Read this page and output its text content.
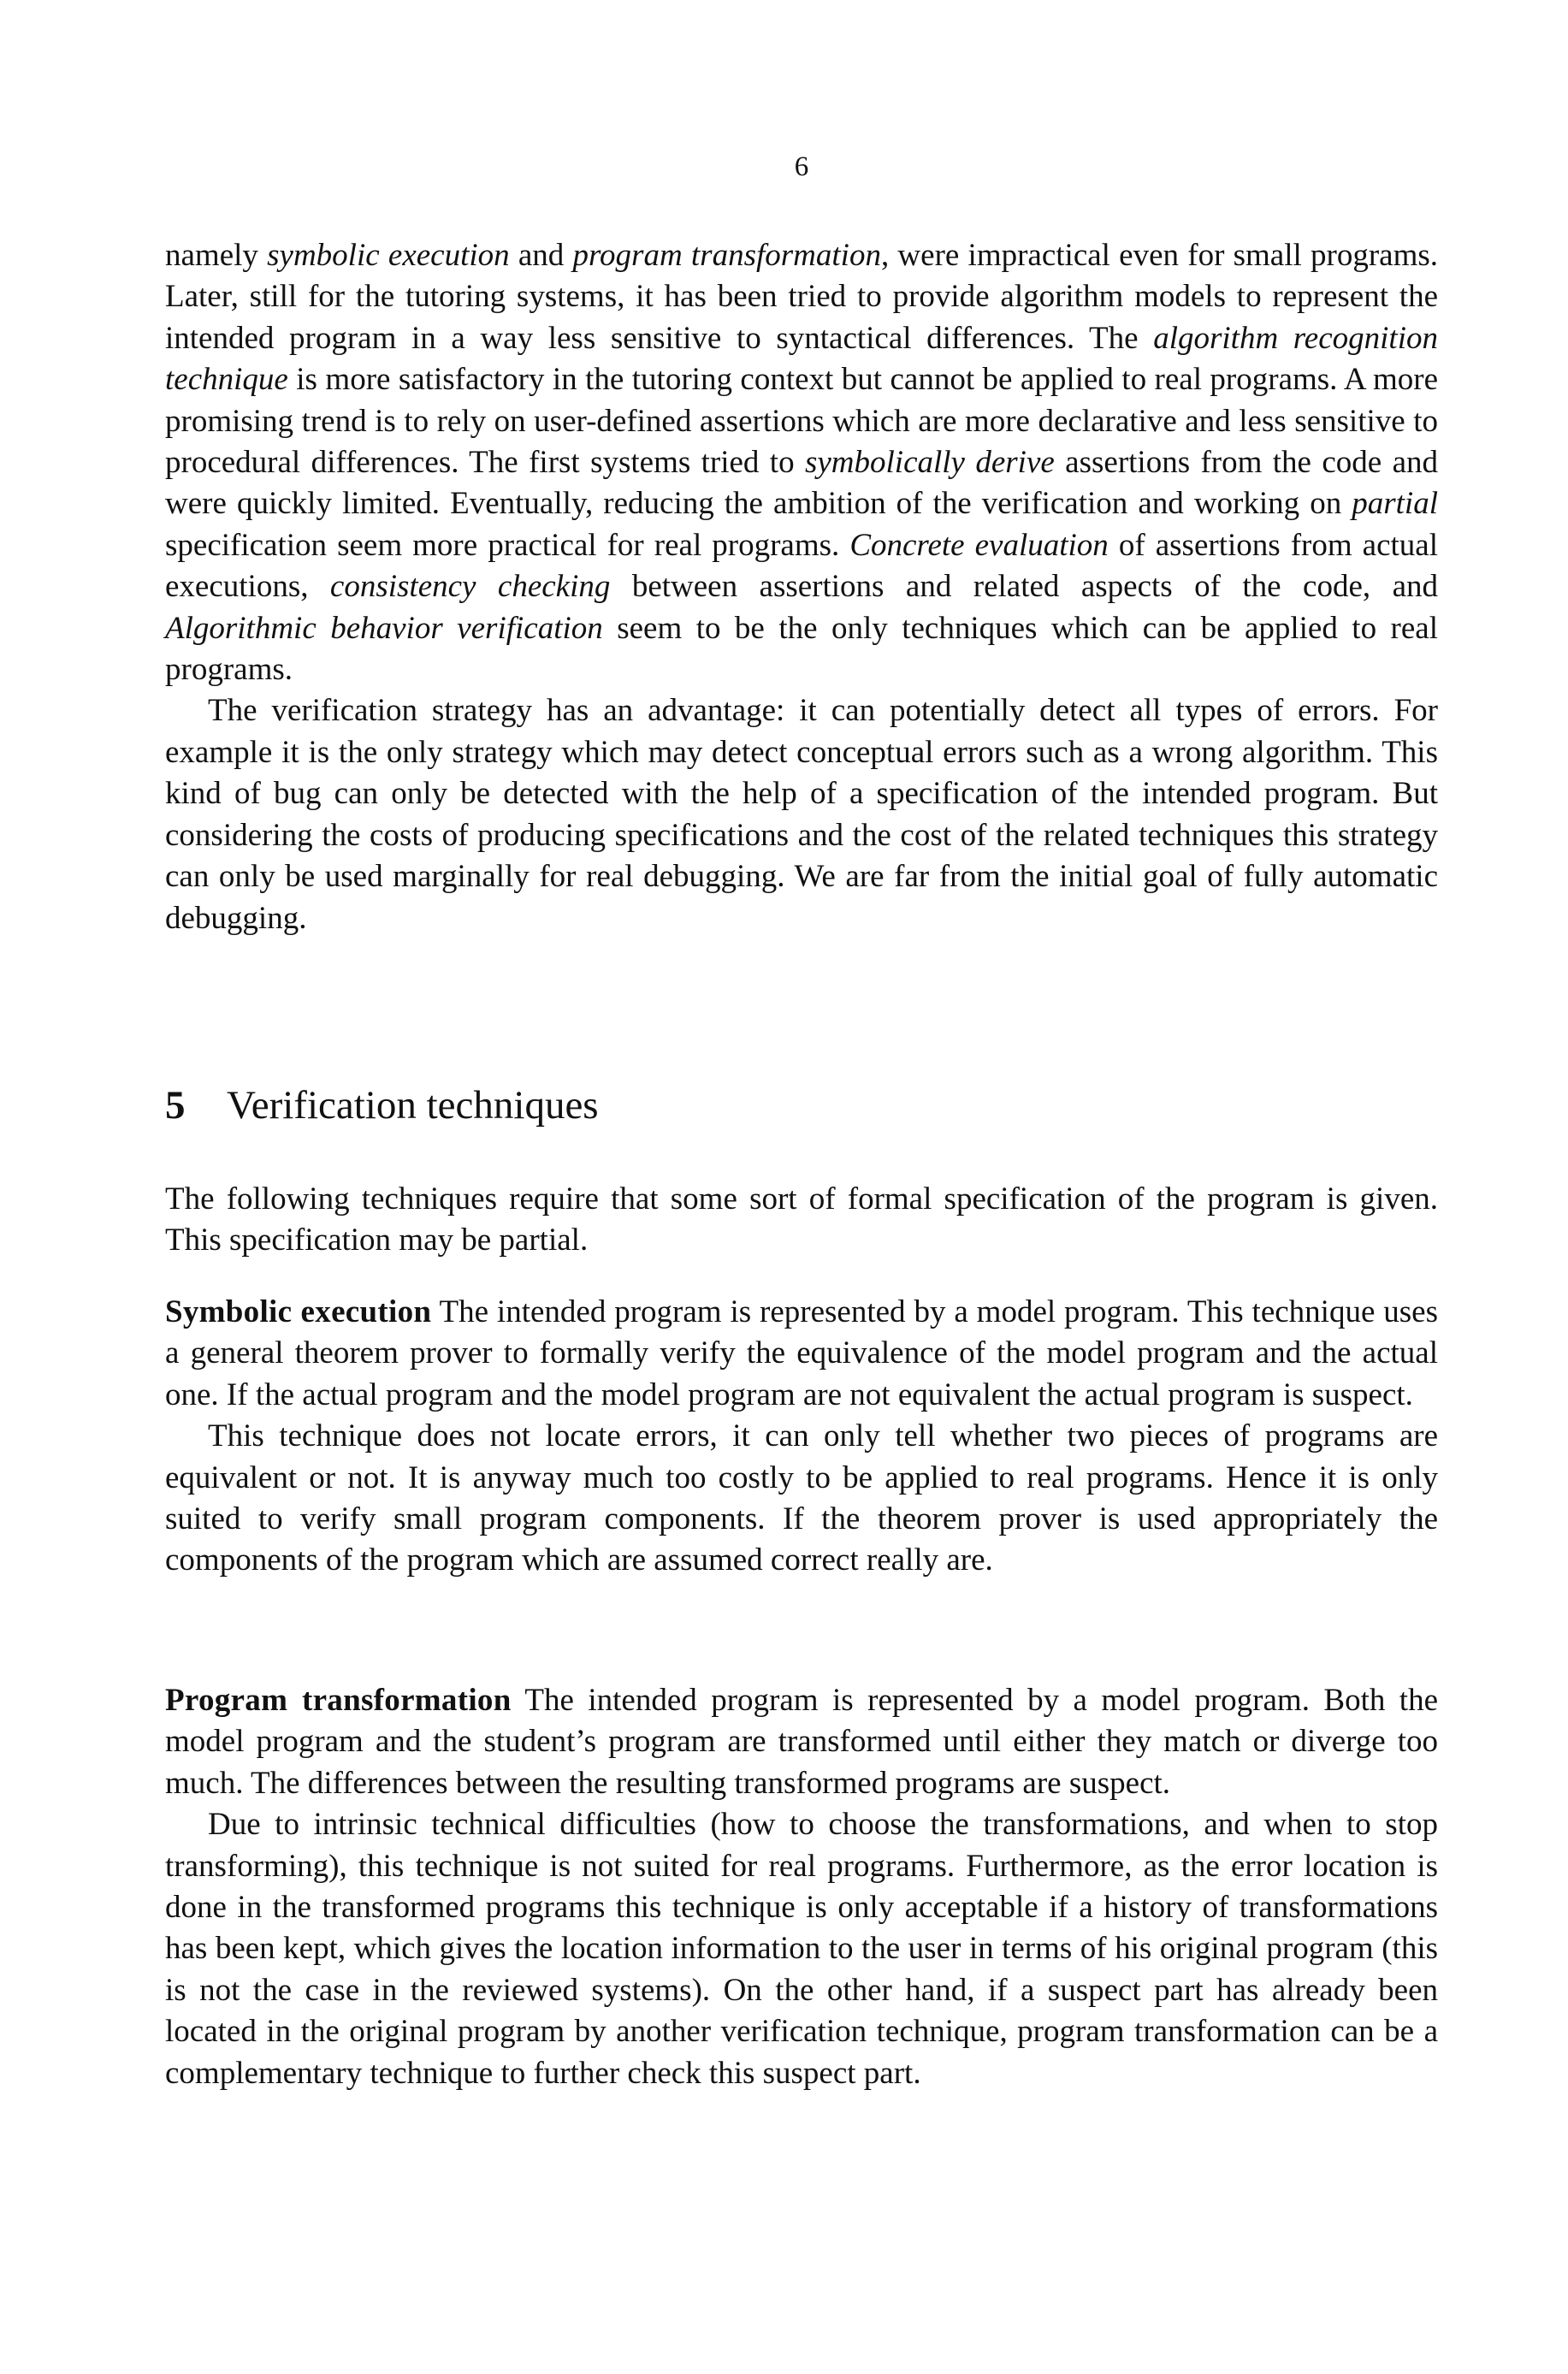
6

namely symbolic execution and program transformation, were impractical even for small programs. Later, still for the tutoring systems, it has been tried to provide algorithm models to represent the intended program in a way less sensitive to syntactical differences. The algorithm recognition technique is more satisfactory in the tutoring context but cannot be applied to real programs. A more promising trend is to rely on user-defined assertions which are more declarative and less sensitive to procedural differences. The first systems tried to symbolically derive assertions from the code and were quickly limited. Eventually, reducing the ambition of the verification and working on partial specification seem more practical for real programs. Concrete evaluation of assertions from actual executions, consistency checking between assertions and related aspects of the code, and Algorithmic behavior verification seem to be the only techniques which can be applied to real programs.

The verification strategy has an advantage: it can potentially detect all types of errors. For example it is the only strategy which may detect conceptual errors such as a wrong algorithm. This kind of bug can only be detected with the help of a specification of the intended program. But considering the costs of producing specifications and the cost of the related techniques this strategy can only be used marginally for real debugging. We are far from the initial goal of fully automatic debugging.

5 Verification techniques

The following techniques require that some sort of formal specification of the program is given. This specification may be partial.

Symbolic execution The intended program is represented by a model program. This technique uses a general theorem prover to formally verify the equivalence of the model program and the actual one. If the actual program and the model program are not equivalent the actual program is suspect.

This technique does not locate errors, it can only tell whether two pieces of programs are equivalent or not. It is anyway much too costly to be applied to real programs. Hence it is only suited to verify small program components. If the theorem prover is used appropriately the components of the program which are assumed correct really are.

Program transformation The intended program is represented by a model program. Both the model program and the student’s program are transformed until either they match or diverge too much. The differences between the resulting transformed programs are suspect.

Due to intrinsic technical difficulties (how to choose the transformations, and when to stop transforming), this technique is not suited for real programs. Furthermore, as the error location is done in the transformed programs this technique is only acceptable if a history of transformations has been kept, which gives the location information to the user in terms of his original program (this is not the case in the reviewed systems). On the other hand, if a suspect part has already been located in the original program by another verification technique, program transformation can be a complementary technique to further check this suspect part.
